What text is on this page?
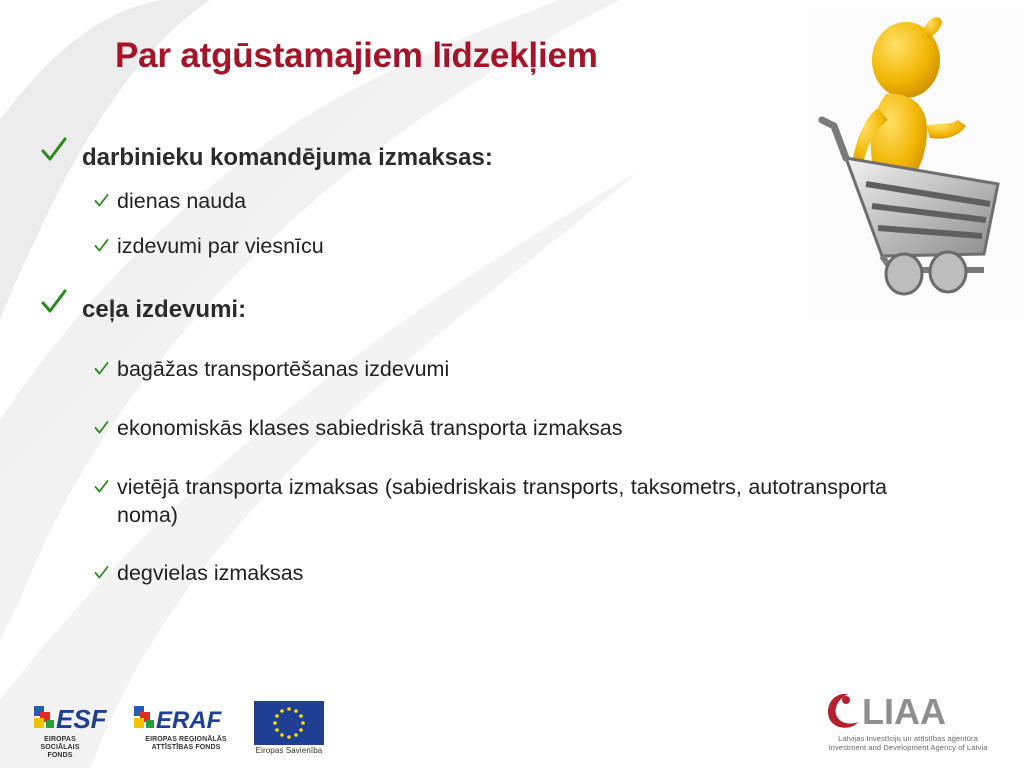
Par atgūstamajiem līdzekļiem
darbinieku komandējuma izmaksas:
dienas nauda
izdevumi par viesnīcu
ceļa izdevumi:
bagāžas transportēšanas izdevumi
ekonomiskās klases sabiedriskā transporta izmaksas
vietējā transporta izmaksas (sabiedriskais transports, taksometrs, autotransporta noma)
degvielas izmaksas
ESF
EIROPAS SOCIĀLAIS
FONDS
ERAF
EIROPAS REĢIONĀLĀS
ATTĪSTĪBAS FONDS	Eiropas Savienība
LIAA
Latvijas Investīciju un attīstības aģentūra
Investment and Development Agency of Latvia
